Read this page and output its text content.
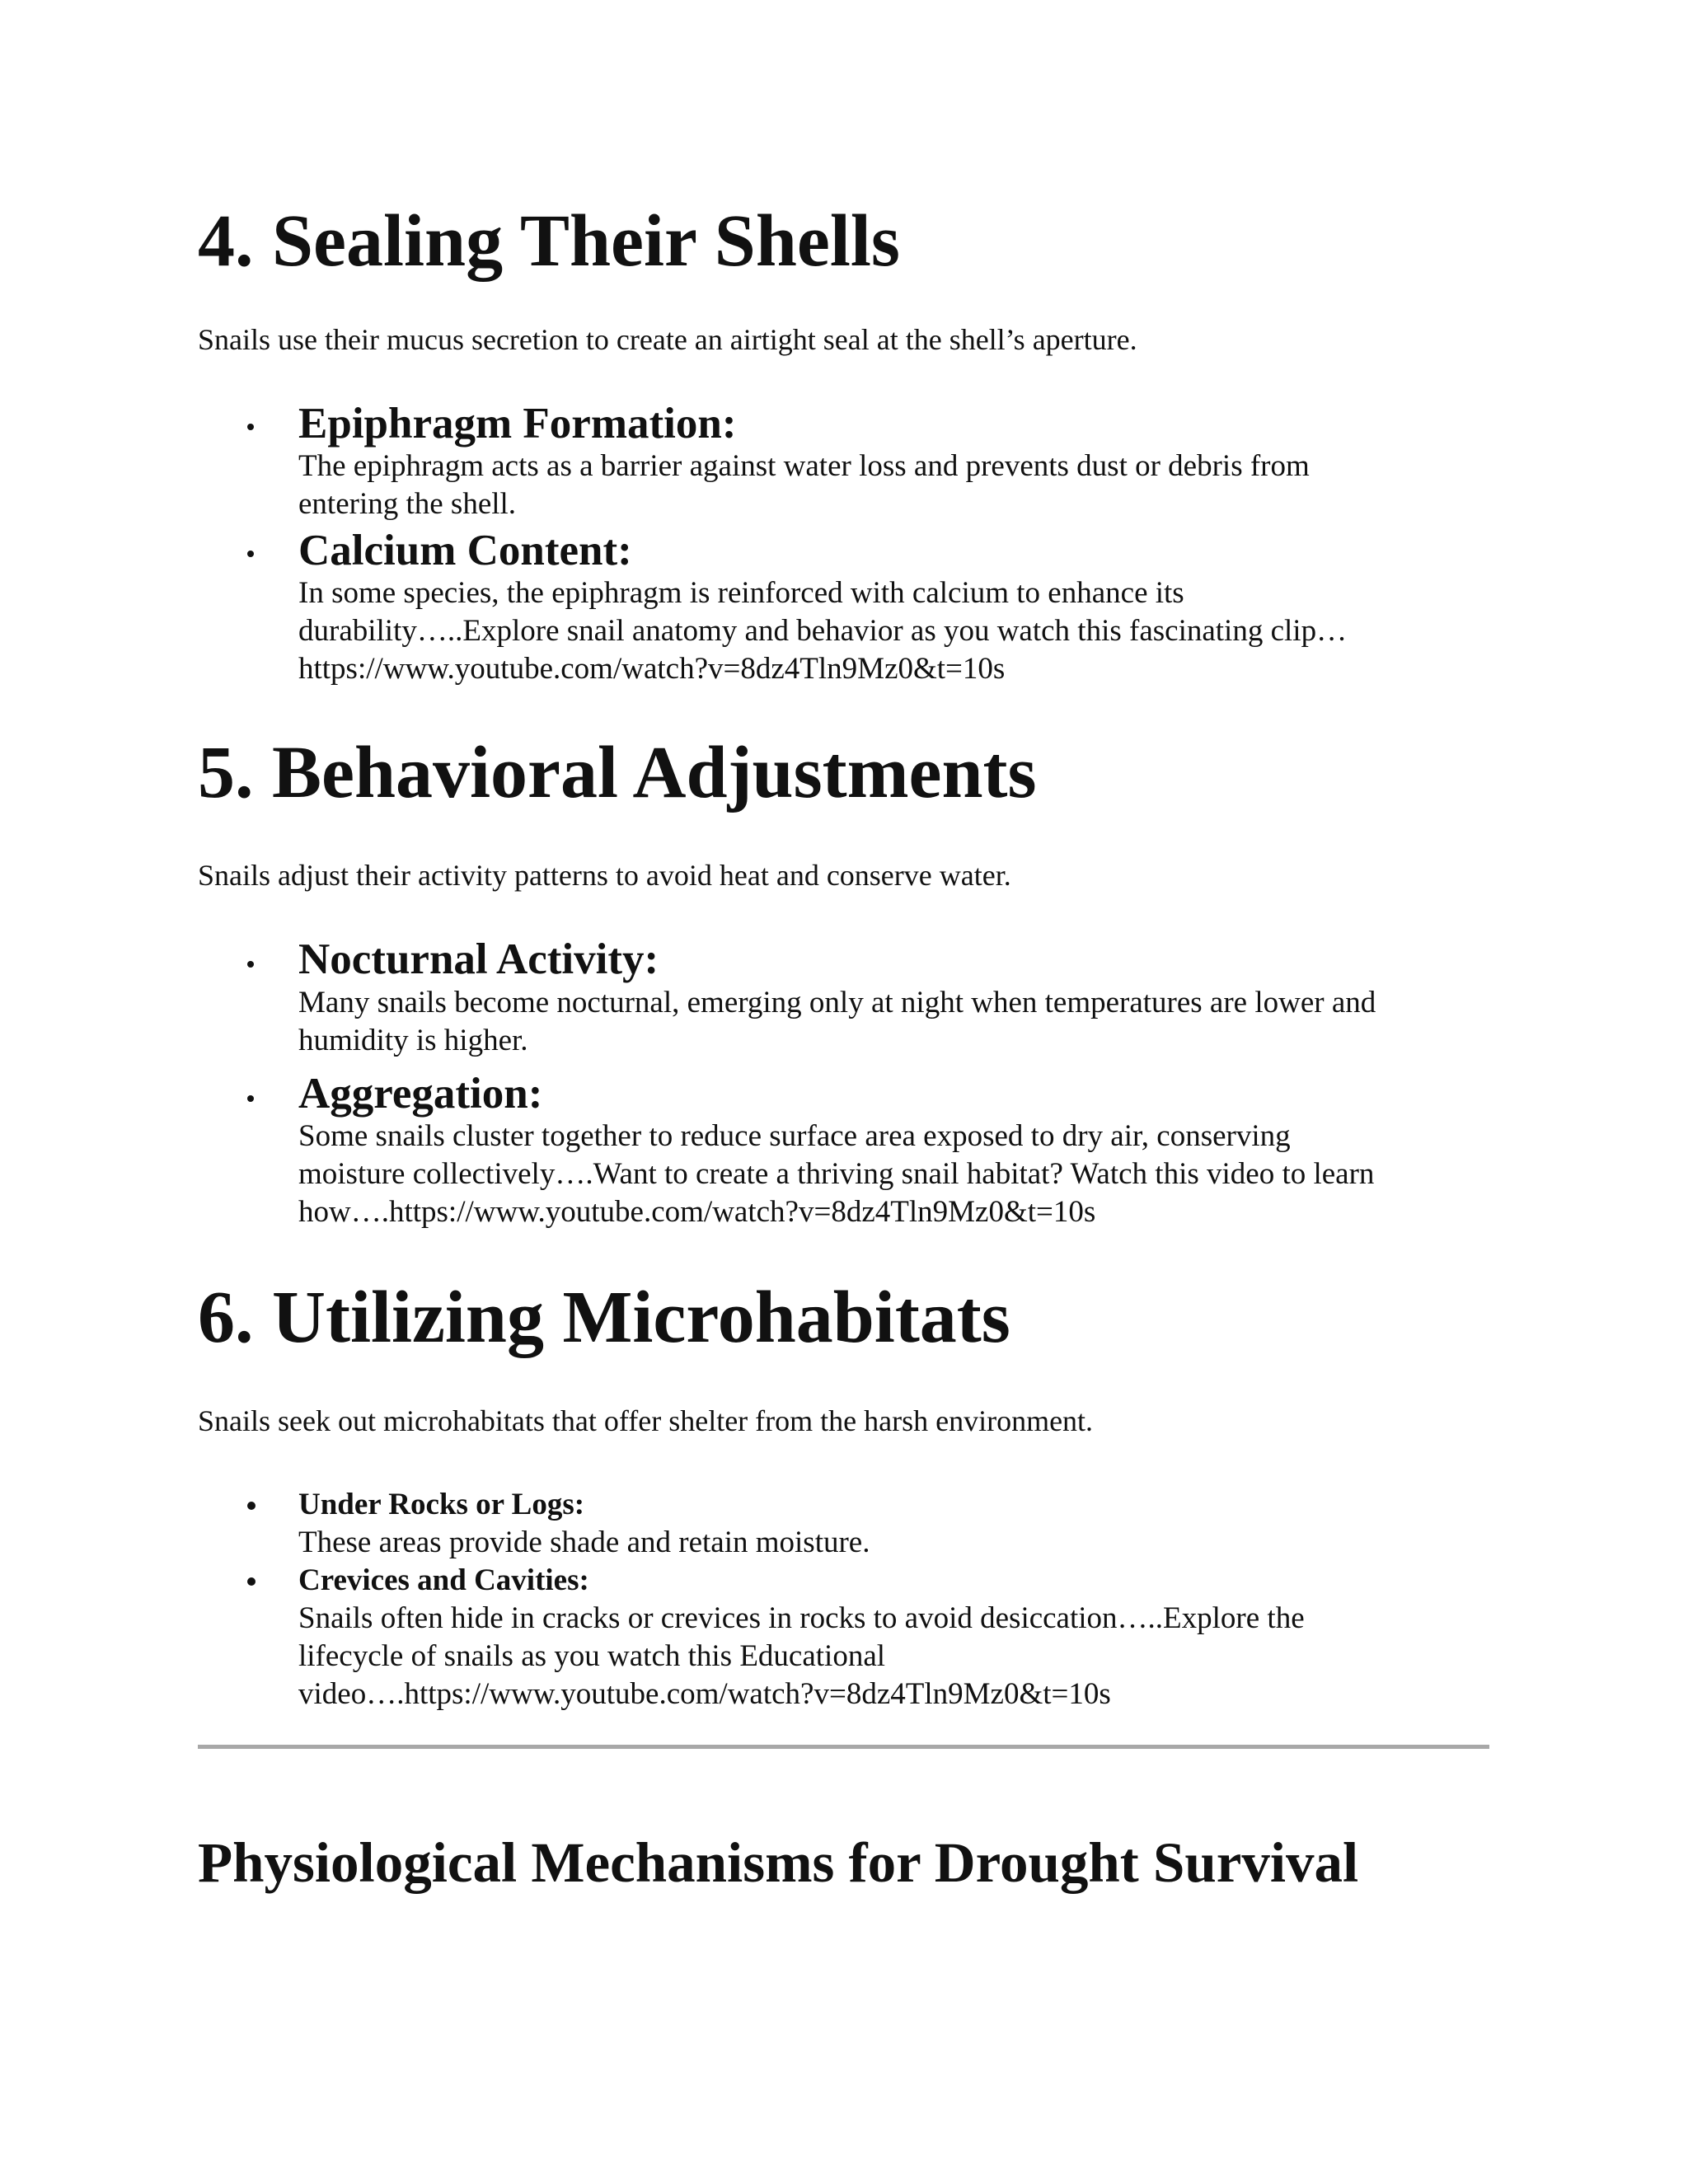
4. Sealing Their Shells

Snails use their mucus secretion to create an airtight seal at the shell’s aperture.

Epiphragm Formation:

The epiphragm acts as a barrier against water loss and prevents dust or debris from

entering the shell.

Calcium Content:

In some species, the epiphragm is reinforced with calcium to enhance its

durability…..Explore snail anatomy and behavior as you watch this fascinating clip…

https://www.youtube.com/watch?v=8dz4Tln9Mz0&t=10s

5. Behavioral Adjustments

Snails adjust their activity patterns to avoid heat and conserve water.

Nocturnal Activity:

Many snails become nocturnal, emerging only at night when temperatures are lower and

humidity is higher.

Aggregation:

Some snails cluster together to reduce surface area exposed to dry air, conserving

moisture collectively….Want to create a thriving snail habitat? Watch this video to learn

how….https://www.youtube.com/watch?v=8dz4Tln9Mz0&t=10s

6. Utilizing Microhabitats

Snails seek out microhabitats that offer shelter from the harsh environment.

Under Rocks or Logs:

These areas provide shade and retain moisture.

Crevices and Cavities:

Snails often hide in cracks or crevices in rocks to avoid desiccation…..Explore the

lifecycle of snails as you watch this Educational

video….https://www.youtube.com/watch?v=8dz4Tln9Mz0&t=10s

Physiological Mechanisms for Drought Survival
